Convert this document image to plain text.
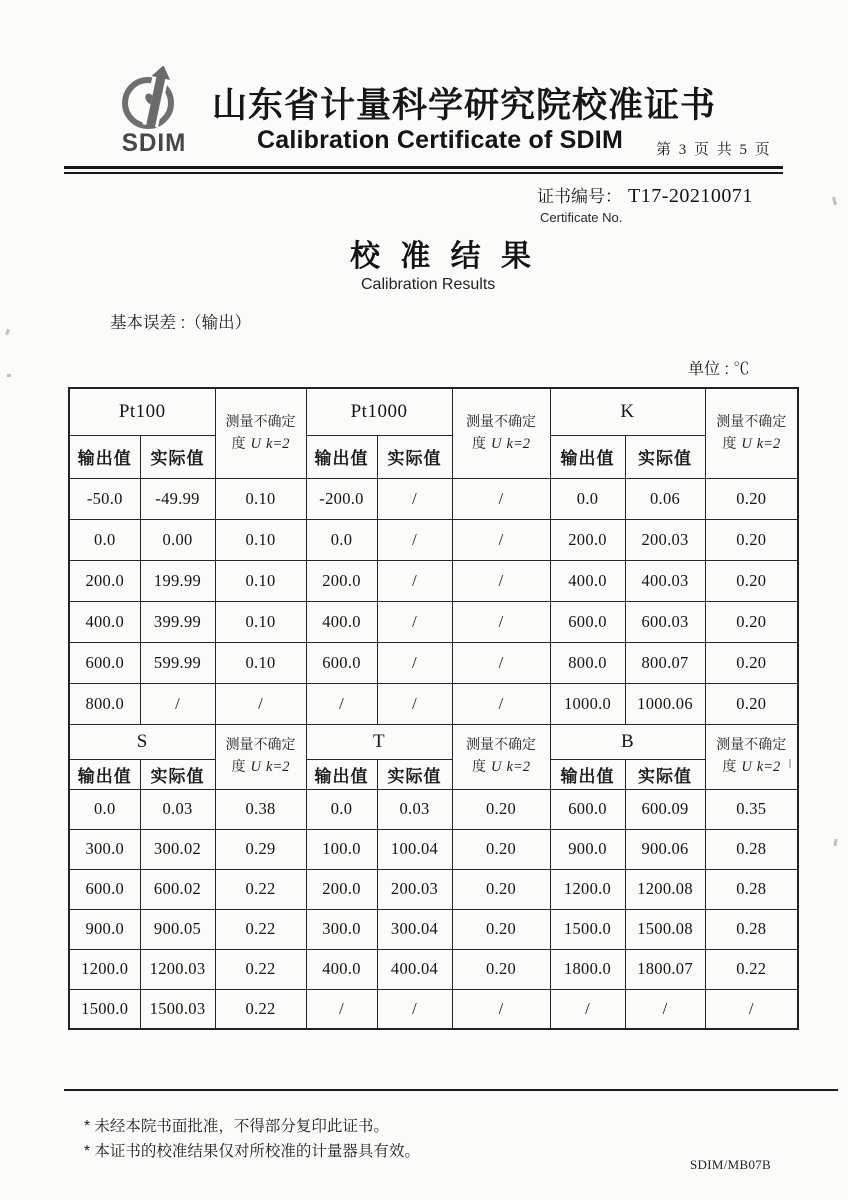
SDIM
山东省计量科学研究院校准证书
Calibration Certificate of SDIM 第 3 页 共 5 页
证书编号： T17-20210071
Certificate No.
校 准 结 果
Calibration Results
基本误差 :（输出）
单位 : ℃
Pt100		测量不确定
度 U k=2	Pt1000		测量不确定
度 U k=2	K		测量不确定
度 U k=2
输出值	实际值		输出值	实际值		输出值	实际值	
-50.0	-49.99	0.10	-200.0	/	/	0.0	0.06	0.20
0.0	0.00	0.10	0.0	/	/	200.0	200.03	0.20
200.0	199.99	0.10	200.0	/	/	400.0	400.03	0.20
400.0	399.99	0.10	400.0	/	/	600.0	600.03	0.20
600.0	599.99	0.10	600.0	/	/	800.0	800.07	0.20
800.0	/	/	/	/	/	1000.0	1000.06	0.20
S		测量不确定
度 U k=2	T		测量不确定
度 U k=2	B		测量不确定
度 U k=2
输出值	实际值		输出值	实际值		输出值	实际值	
0.0	0.03	0.38	0.0	0.03	0.20	600.0	600.09	0.35
300.0	300.02	0.29	100.0	100.04	0.20	900.0	900.06	0.28
600.0	600.02	0.22	200.0	200.03	0.20	1200.0	1200.08	0.28
900.0	900.05	0.22	300.0	300.04	0.20	1500.0	1500.08	0.28
1200.0	1200.03	0.22	400.0	400.04	0.20	1800.0	1800.07	0.22
1500.0	1500.03	0.22	/	/	/	/	/	/
* 未经本院书面批准，不得部分复印此证书。
* 本证书的校准结果仅对所校准的计量器具有效。
SDIM/MB07B
